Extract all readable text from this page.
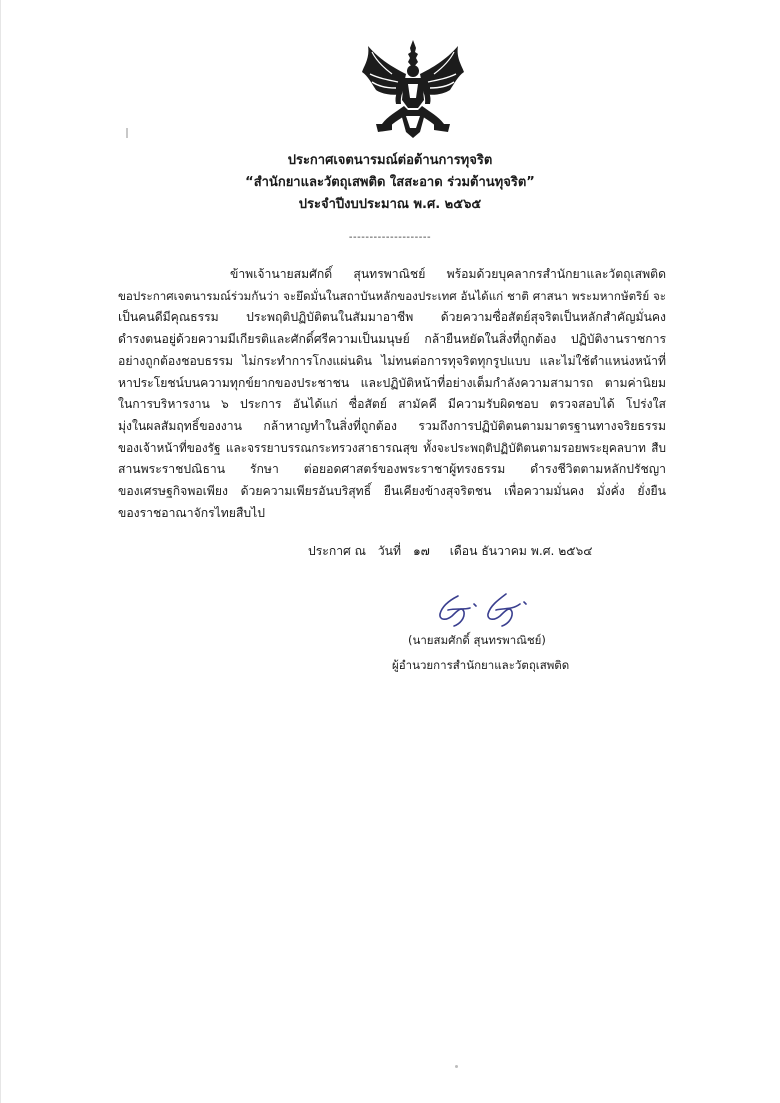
ประกาศเจตนารมณ์ต่อต้านการทุจริต
“สำนักยาและวัตถุเสพติด ใสสะอาด ร่วมต้านทุจริต”
ประจำปีงบประมาณ พ.ศ. ๒๕๖๕
--------------------
ข้าพเจ้านายสมศักดิ์ สุนทรพาณิชย์ พร้อมด้วยบุคลากรสำนักยาและวัตถุเสพติด
ขอประกาศเจตนารมณ์ร่วมกันว่า จะยึดมั่นในสถาบันหลักของประเทศ อันได้แก่ ชาติ ศาสนา พระมหากษัตริย์ จะ
เป็นคนดีมีคุณธรรม ประพฤติปฏิบัติตนในสัมมาอาชีพ ด้วยความซื่อสัตย์สุจริตเป็นหลักสำคัญมั่นคง
ดำรงตนอยู่ด้วยความมีเกียรติและศักดิ์ศรีความเป็นมนุษย์ กล้ายืนหยัดในสิ่งที่ถูกต้อง ปฏิบัติงานราชการ
อย่างถูกต้องชอบธรรม ไม่กระทำการโกงแผ่นดิน ไม่ทนต่อการทุจริตทุกรูปแบบ และไม่ใช้ตำแหน่งหน้าที่
หาประโยชน์บนความทุกข์ยากของประชาชน และปฏิบัติหน้าที่อย่างเต็มกำลังความสามารถ ตามค่านิยม
ในการบริหารงาน ๖ ประการ อันได้แก่ ซื่อสัตย์ สามัคคี มีความรับผิดชอบ ตรวจสอบได้ โปร่งใส
มุ่งในผลสัมฤทธิ์ของงาน กล้าหาญทำในสิ่งที่ถูกต้อง รวมถึงการปฏิบัติตนตามมาตรฐานทางจริยธรรม
ของเจ้าหน้าที่ของรัฐ และจรรยาบรรณกระทรวงสาธารณสุข ทั้งจะประพฤติปฏิบัติตนตามรอยพระยุคลบาท สืบ
สานพระราชปณิธาน รักษา ต่อยอดศาสตร์ของพระราชาผู้ทรงธรรม ดำรงชีวิตตามหลักปรัชญา
ของเศรษฐกิจพอเพียง ด้วยความเพียรอันบริสุทธิ์ ยืนเคียงข้างสุจริตชน เพื่อความมั่นคง มั่งคั่ง ยั่งยืน
ของราชอาณาจักรไทยสืบไป
ประกาศ ณ วันที่ ๑๗ เดือน ธันวาคม พ.ศ. ๒๕๖๔
(นายสมศักดิ์ สุนทรพาณิชย์)
ผู้อำนวยการสำนักยาและวัตถุเสพติด
